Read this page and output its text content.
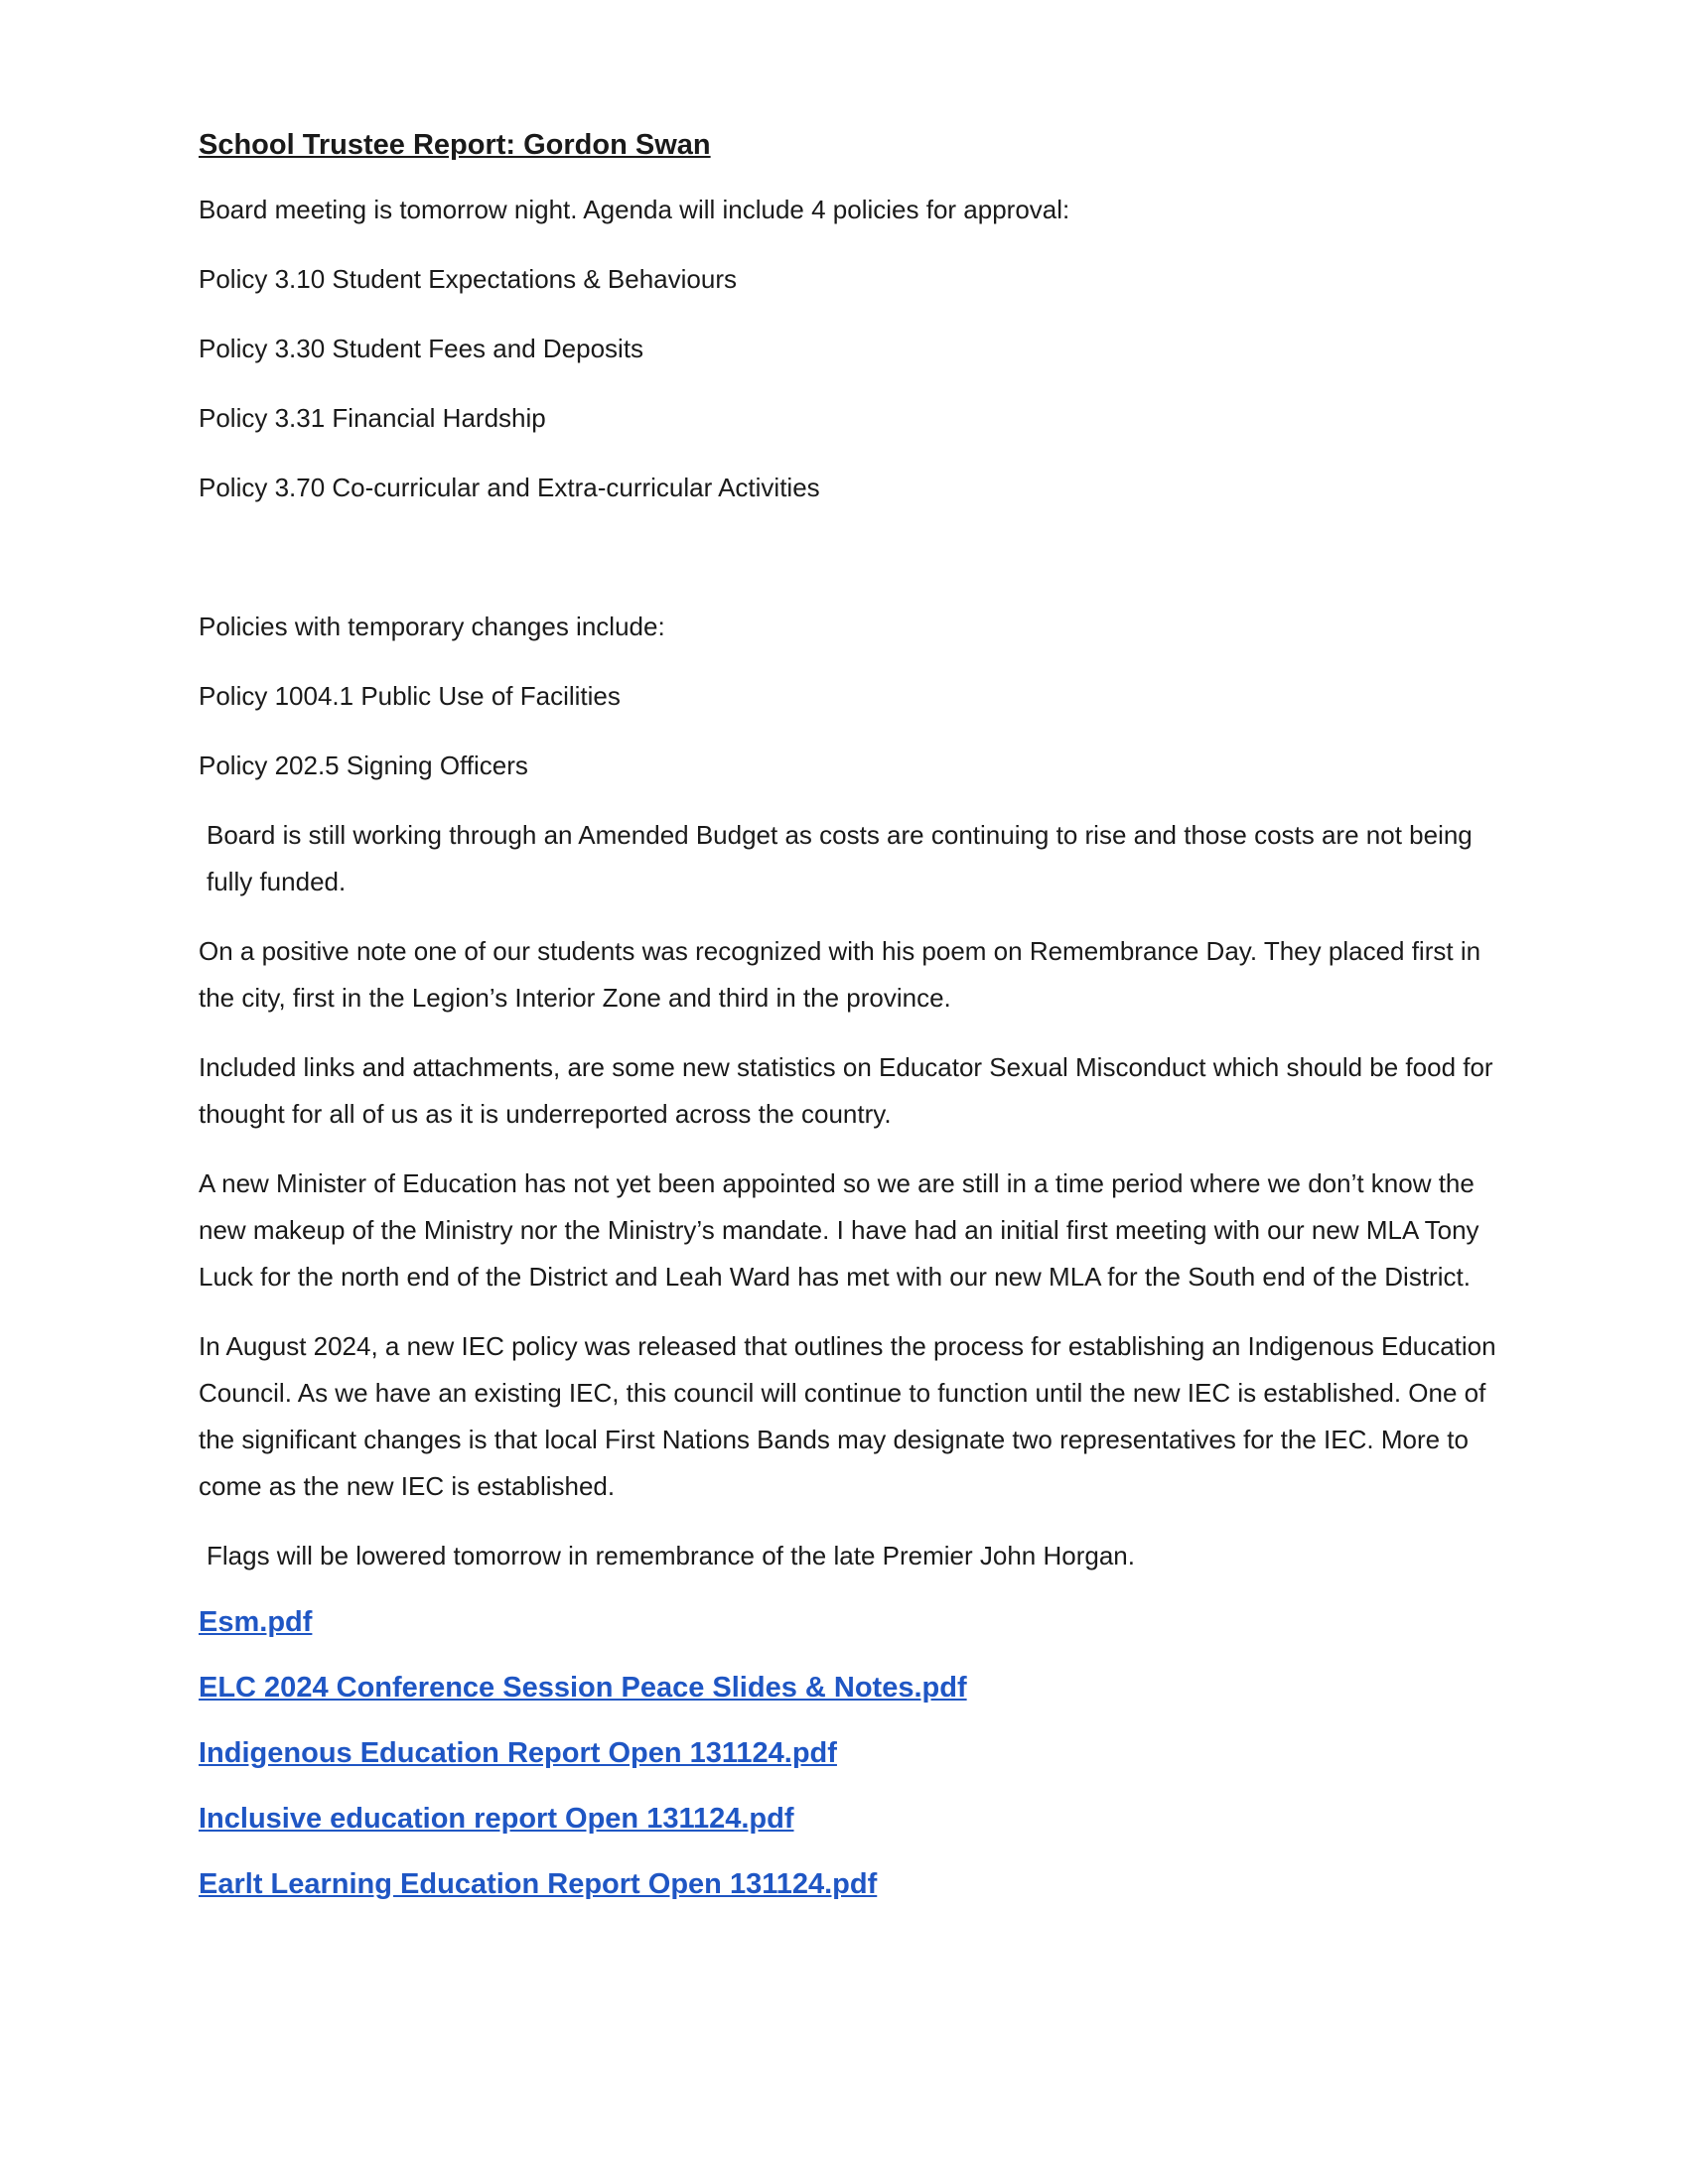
School Trustee Report: Gordon Swan
Board meeting is tomorrow night. Agenda will include 4 policies for approval:
Policy 3.10 Student Expectations & Behaviours
Policy 3.30 Student Fees and Deposits
Policy 3.31 Financial Hardship
Policy 3.70 Co-curricular and Extra-curricular Activities
Policies with temporary changes include:
Policy 1004.1 Public Use of Facilities
Policy 202.5 Signing Officers
Board is still working through an Amended Budget as costs are continuing to rise and those costs are not being fully funded.
On a positive note one of our students was recognized with his poem on Remembrance Day. They placed first in the city, first in the Legion’s Interior Zone and third in the province.
Included links and attachments, are some new statistics on Educator Sexual Misconduct which should be food for thought for all of us as it is underreported across the country.
A new Minister of Education has not yet been appointed so we are still in a time period where we don’t know the new makeup of the Ministry nor the Ministry’s mandate. I have had an initial first meeting with our new MLA Tony Luck for the north end of the District and Leah Ward has met with our new MLA for the South end of the District.
In August 2024, a new IEC policy was released that outlines the process for establishing an Indigenous Education Council. As we have an existing IEC, this council will continue to function until the new IEC is established. One of the significant changes is that local First Nations Bands may designate two representatives for the IEC. More to come as the new IEC is established.
Flags will be lowered tomorrow in remembrance of the late Premier John Horgan.
Esm.pdf
ELC 2024 Conference Session Peace Slides & Notes.pdf
Indigenous Education Report Open 131124.pdf
Inclusive education report Open 131124.pdf
Earlt Learning Education Report Open 131124.pdf
